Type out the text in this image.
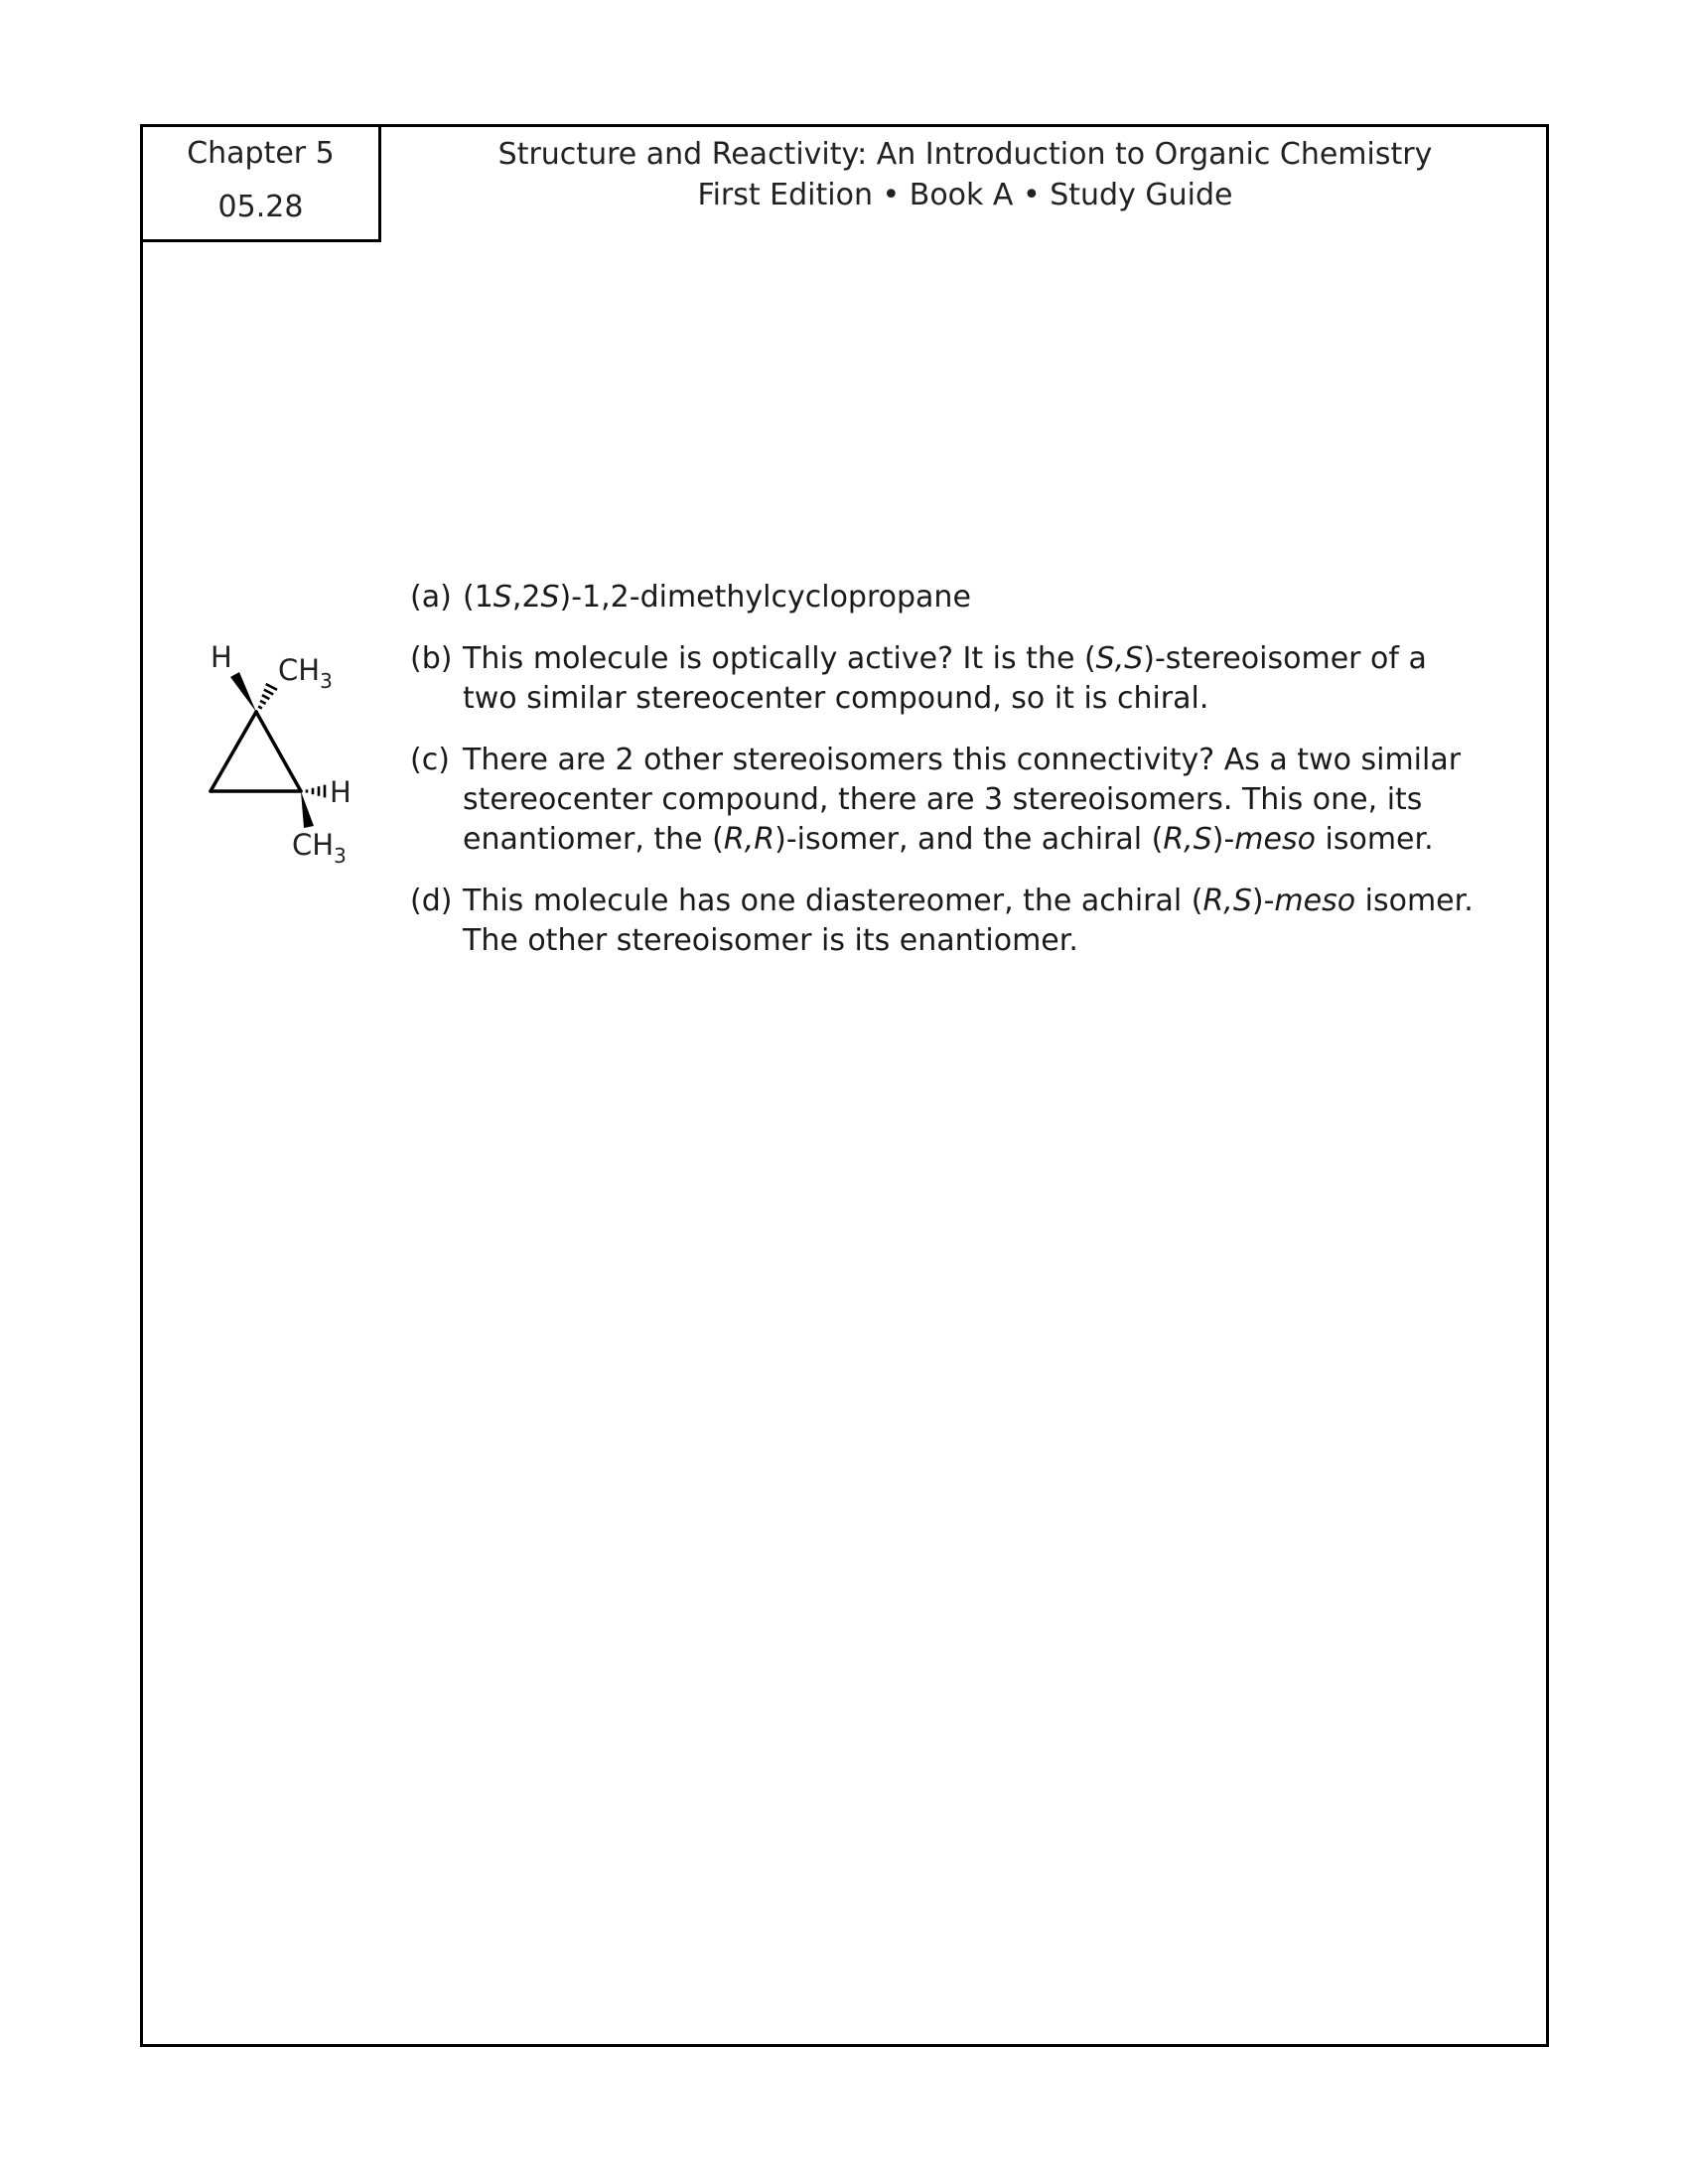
Chapter 5
05.28
Structure and Reactivity: An Introduction to Organic Chemistry
First Edition • Book A • Study Guide
H $CH_3$
H
$CH_3$
(a) (1S,2S)-1,2-dimethylcyclopropane
(b) This molecule is optically active? It is the (S,S)-stereoisomer of a two similar stereocenter compound, so it is chiral.
(c) There are 2 other stereoisomers this connectivity? As a two similar stereocenter compound, there are 3 stereoisomers. This one, its enantiomer, the (R,R)-isomer, and the achiral (R,S)-meso isomer.
(d) This molecule has one diastereomer, the achiral (R,S)-meso isomer. The other stereoisomer is its enantiomer.
